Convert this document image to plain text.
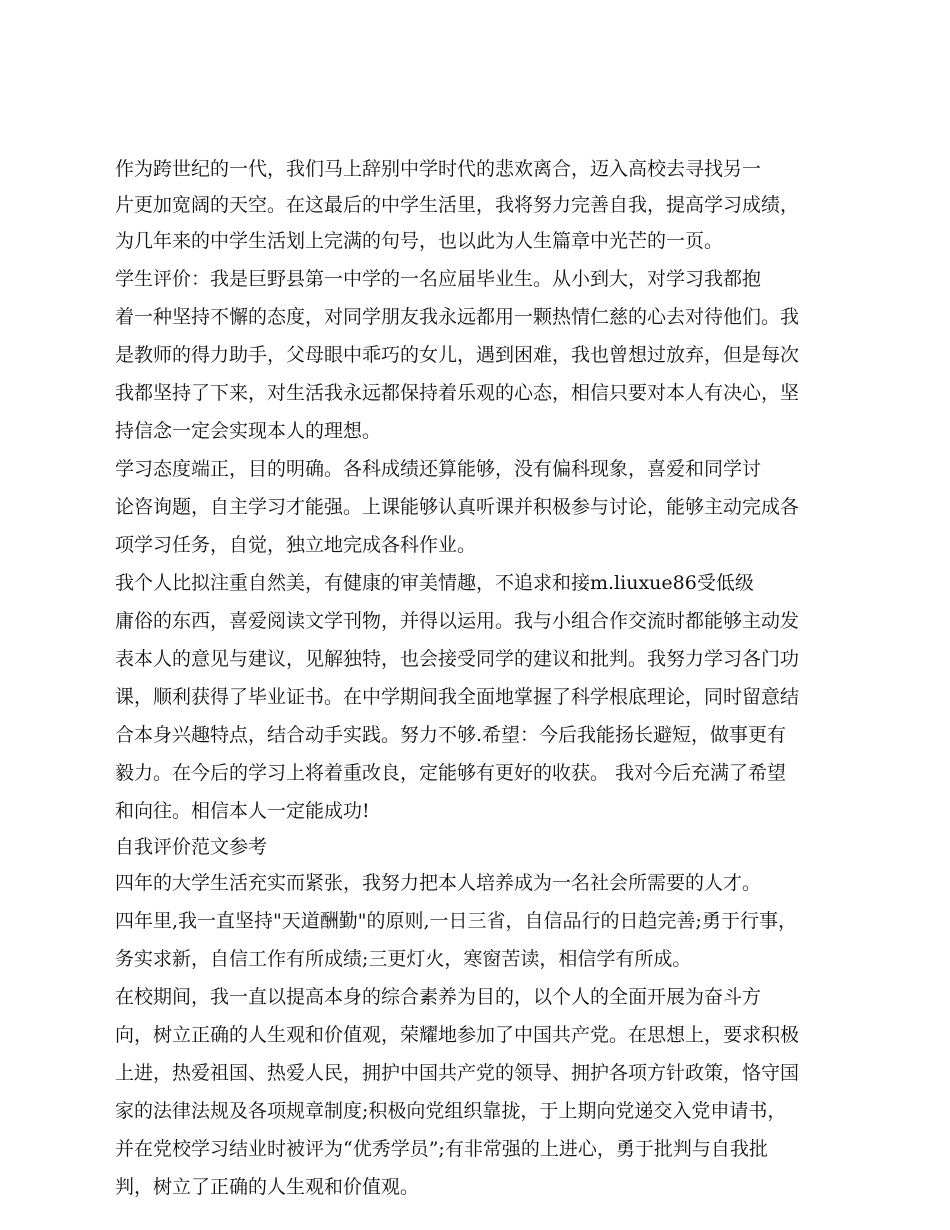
作为跨世纪的一代，我们马上辞别中学时代的悲欢离合，迈入高校去寻找另一
片更加宽阔的天空。在这最后的中学生活里，我将努力完善自我，提高学习成绩，
为几年来的中学生活划上完满的句号，也以此为人生篇章中光芒的一页。
学生评价：我是巨野县第一中学的一名应届毕业生。从小到大，对学习我都抱
着一种坚持不懈的态度，对同学朋友我永远都用一颗热情仁慈的心去对待他们。我
是教师的得力助手，父母眼中乖巧的女儿，遇到困难，我也曾想过放弃，但是每次
我都坚持了下来，对生活我永远都保持着乐观的心态，相信只要对本人有决心，坚
持信念一定会实现本人的理想。
学习态度端正，目的明确。各科成绩还算能够，没有偏科现象，喜爱和同学讨
论咨询题，自主学习才能强。上课能够认真听课并积极参与讨论，能够主动完成各
项学习任务，自觉，独立地完成各科作业。
我个人比拟注重自然美，有健康的审美情趣，不追求和接m.liuxue86受低级
庸俗的东西，喜爱阅读文学刊物，并得以运用。我与小组合作交流时都能够主动发
表本人的意见与建议，见解独特，也会接受同学的建议和批判。我努力学习各门功
课，顺利获得了毕业证书。在中学期间我全面地掌握了科学根底理论，同时留意结
合本身兴趣特点，结合动手实践。努力不够.希望：今后我能扬长避短，做事更有
毅力。在今后的学习上将着重改良，定能够有更好的收获。 我对今后充满了希望
和向往。相信本人一定能成功!
自我评价范文参考
四年的大学生活充实而紧张，我努力把本人培养成为一名社会所需要的人才。
四年里,我一直坚持"天道酬勤"的原则,一日三省，自信品行的日趋完善;勇于行事，
务实求新，自信工作有所成绩;三更灯火，寒窗苦读，相信学有所成。
在校期间，我一直以提高本身的综合素养为目的，以个人的全面开展为奋斗方
向，树立正确的人生观和价值观，荣耀地参加了中国共产党。在思想上，要求积极
上进，热爱祖国、热爱人民，拥护中国共产党的领导、拥护各项方针政策，恪守国
家的法律法规及各项规章制度;积极向党组织靠拢，于上期向党递交入党申请书，
并在党校学习结业时被评为“优秀学员”;有非常强的上进心，勇于批判与自我批
判，树立了正确的人生观和价值观。
